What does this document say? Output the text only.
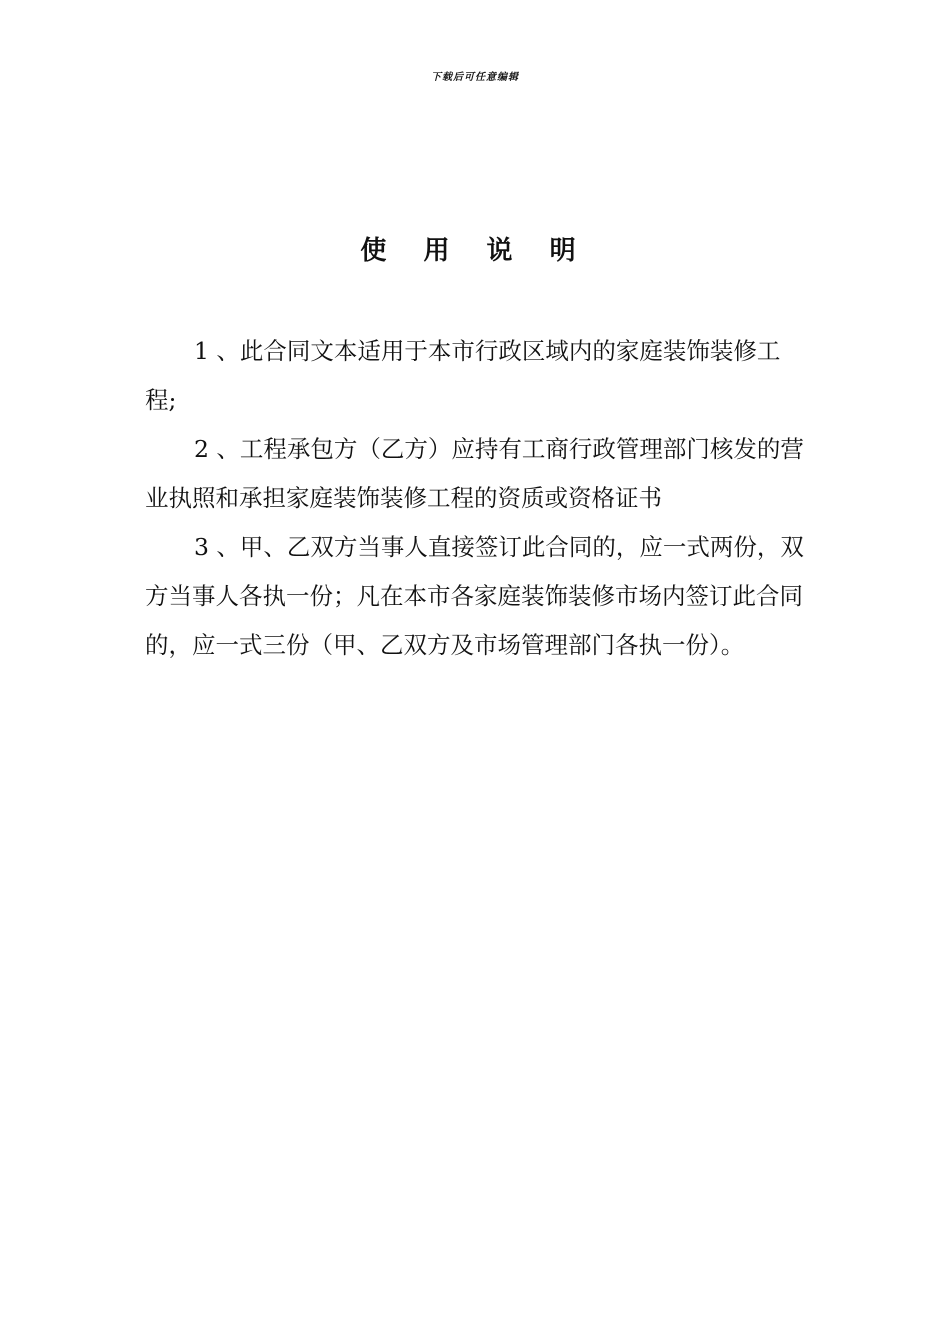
下载后可任意编辑
使 用 说 明

1 、此合同文本适用于本市行政区域内的家庭装饰装修工程;

2 、工程承包方（乙方）应持有工商行政管理部门核发的营业执照和承担家庭装饰装修工程的资质或资格证书

3 、甲、乙双方当事人直接签订此合同的，应一式两份，双方当事人各执一份；凡在本市各家庭装饰装修市场内签订此合同的，应一式三份（甲、乙双方及市场管理部门各执一份）。
